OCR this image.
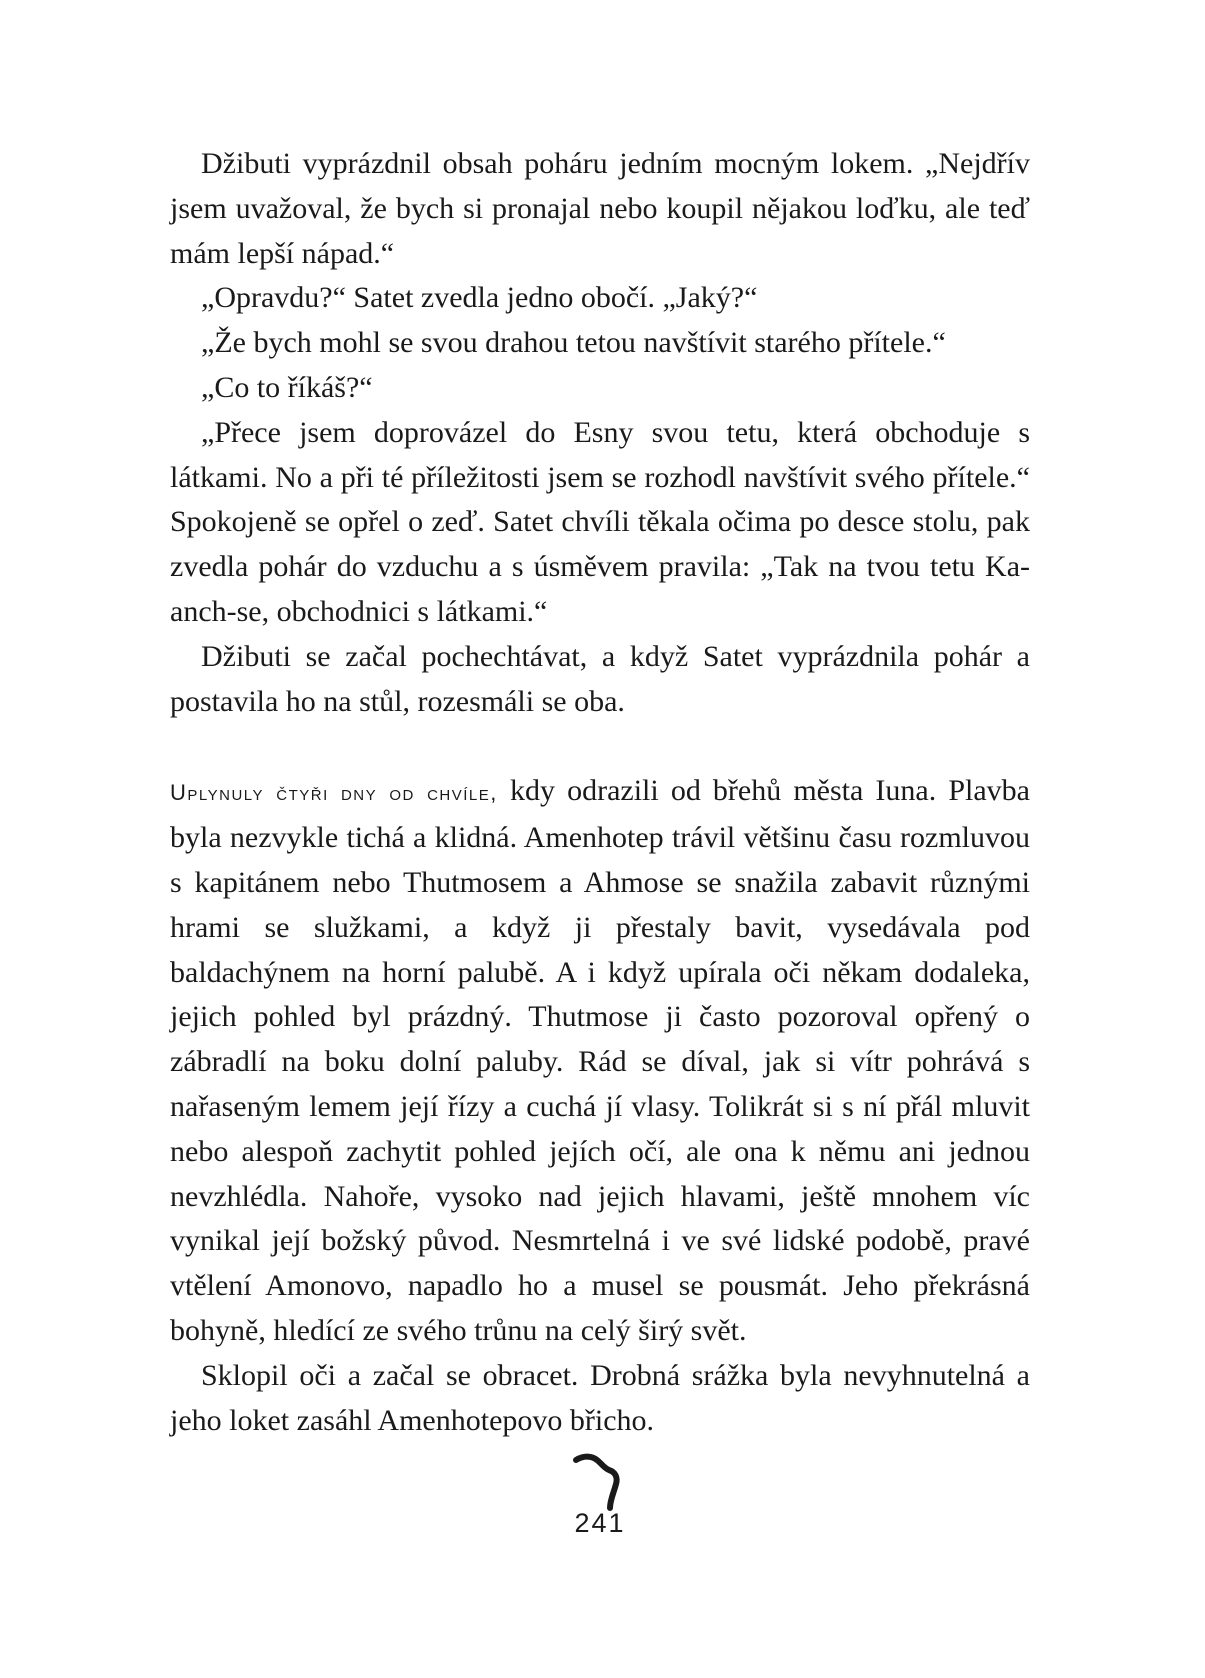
Džibuti vyprázdnil obsah poháru jedním mocným lokem. „Nejdřív jsem uvažoval, že bych si pronajal nebo koupil nějakou loďku, ale teď mám lepší nápad.“

„Opravdu?“ Satet zvedla jedno obočí. „Jaký?“

„Že bych mohl se svou drahou tetou navštívit starého přítele.“

„Co to říkáš?“

„Přece jsem doprovázel do Esny svou tetu, která obchoduje s látkami. No a při té příležitosti jsem se rozhodl navštívit svého přítele.“ Spokojeně se opřel o zeď. Satet chvíli těkala očima po desce stolu, pak zvedla pohár do vzduchu a s úsměvem pravila: „Tak na tvou tetu Ka-anch-se, obchodnici s látkami.“

Džibuti se začal pochechtávat, a když Satet vyprázdnila pohár a postavila ho na stůl, rozesmáli se oba.

Uplynuly čtyři dny od chvíle, kdy odrazili od břehů města Iuna. Plavba byla nezvykle tichá a klidná. Amenhotep trávil většinu času rozmluvou s kapitánem nebo Thutmosem a Ahmose se snažila zabavit různými hrami se služkami, a když ji přestaly bavit, vysedávala pod baldachýnem na horní palubě. A i když upírala oči někam dodaleka, jejich pohled byl prázdný. Thutmose ji často pozoroval opřený o zábradlí na boku dolní paluby. Rád se díval, jak si vítr pohrává s nařaseným lemem její řízy a cuchá jí vlasy. Tolikrát si s ní přál mluvit nebo alespoň zachytit pohled jejích očí, ale ona k němu ani jednou nevzhlédla. Nahoře, vysoko nad jejich hlavami, ještě mnohem víc vynikal její božský původ. Nesmrtelná i ve své lidské podobě, pravé vtělení Amonovo, napadlo ho a musel se pousmát. Jeho překrásná bohyně, hledící ze svého trůnu na celý širý svět.

Sklopil oči a začal se obracet. Drobná srážka byla nevyhnutelná a jeho loket zasáhl Amenhotepovo břicho.

241
